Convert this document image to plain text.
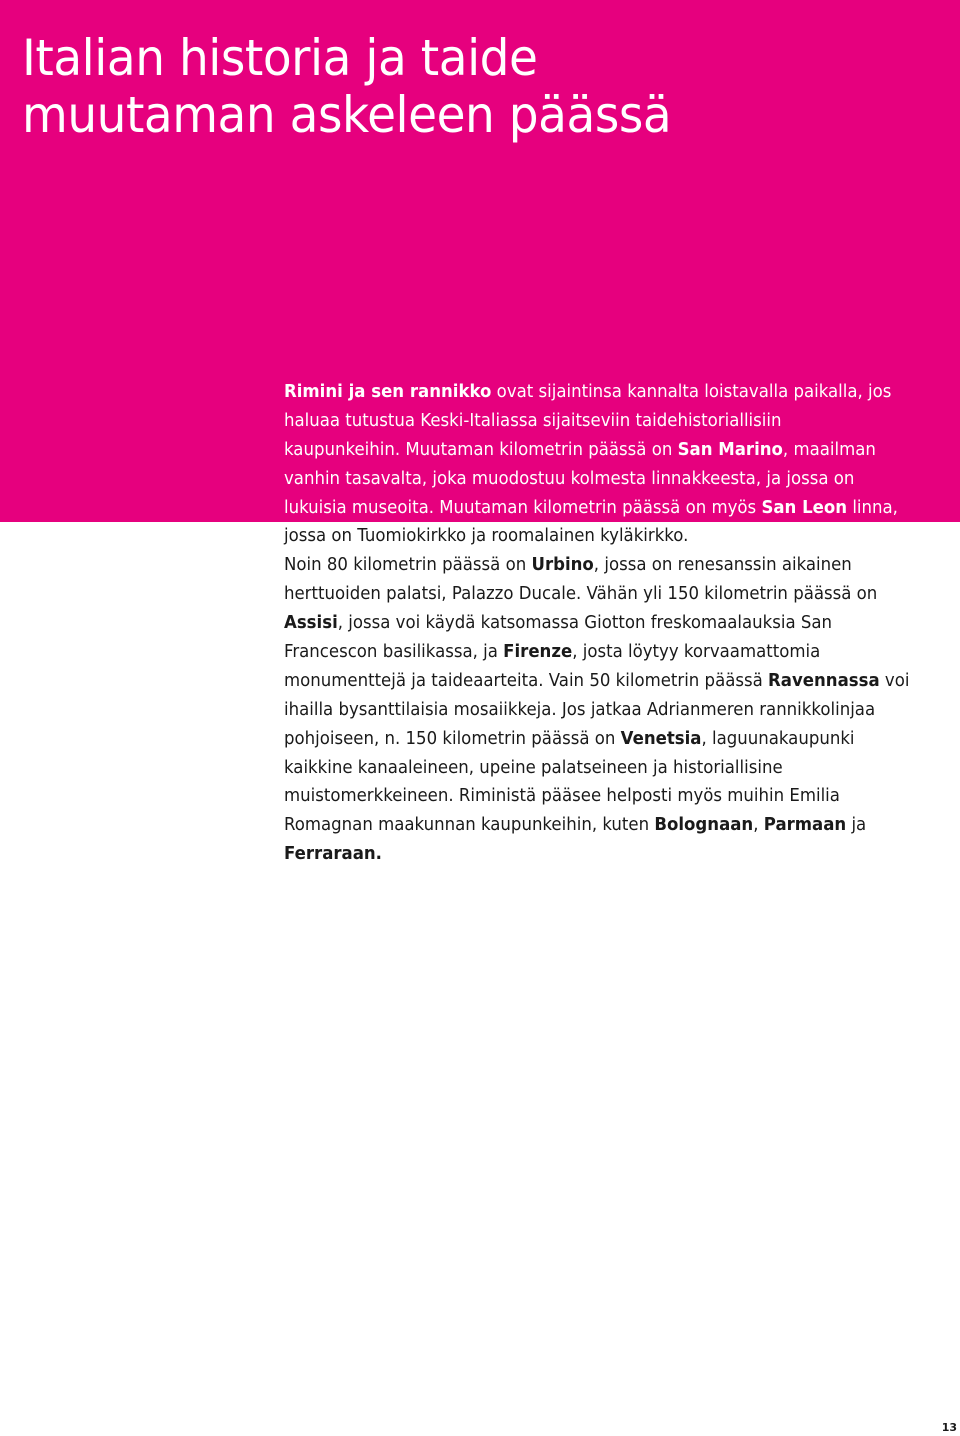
Italian historia ja taide
muutaman askeleen päässä
Rimini ja sen rannikko ovat sijaintinsa kannalta loistavalla paikalla, jos
haluaa tutustua Keski-Italiassa sijaitseviin taidehistoriallisiin
kaupunkeihin. Muutaman kilometrin päässä on San Marino, maailman
vanhin tasavalta, joka muodostuu kolmesta linnakkeesta, ja jossa on
lukuisia museoita. Muutaman kilometrin päässä on myös San Leon linna,
jossa on Tuomiokirkko ja roomalainen kyläkirkko.
Noin 80 kilometrin päässä on Urbino, jossa on renesanssin aikainen
herttuoiden palatsi, Palazzo Ducale. Vähän yli 150 kilometrin päässä on
Assisi, jossa voi käydä katsomassa Giotton freskomaalauksia San
Francescon basilikassa, ja Firenze, josta löytyy korvaamattomia
monumenttejä ja taideaarteita. Vain 50 kilometrin päässä Ravennassa voi
ihailla bysanttilaisia mosaiikkeja. Jos jatkaa Adrianmeren rannikkolinjaa
pohjoiseen, n. 150 kilometrin päässä on Venetsia, laguunakaupunki
kaikkine kanaaleineen, upeine palatseineen ja historiallisine
muistomerkkeineen. Riministä pääsee helposti myös muihin Emilia
Romagnan maakunnan kaupunkeihin, kuten Bolognaan, Parmaan ja
Ferraraan.
13
